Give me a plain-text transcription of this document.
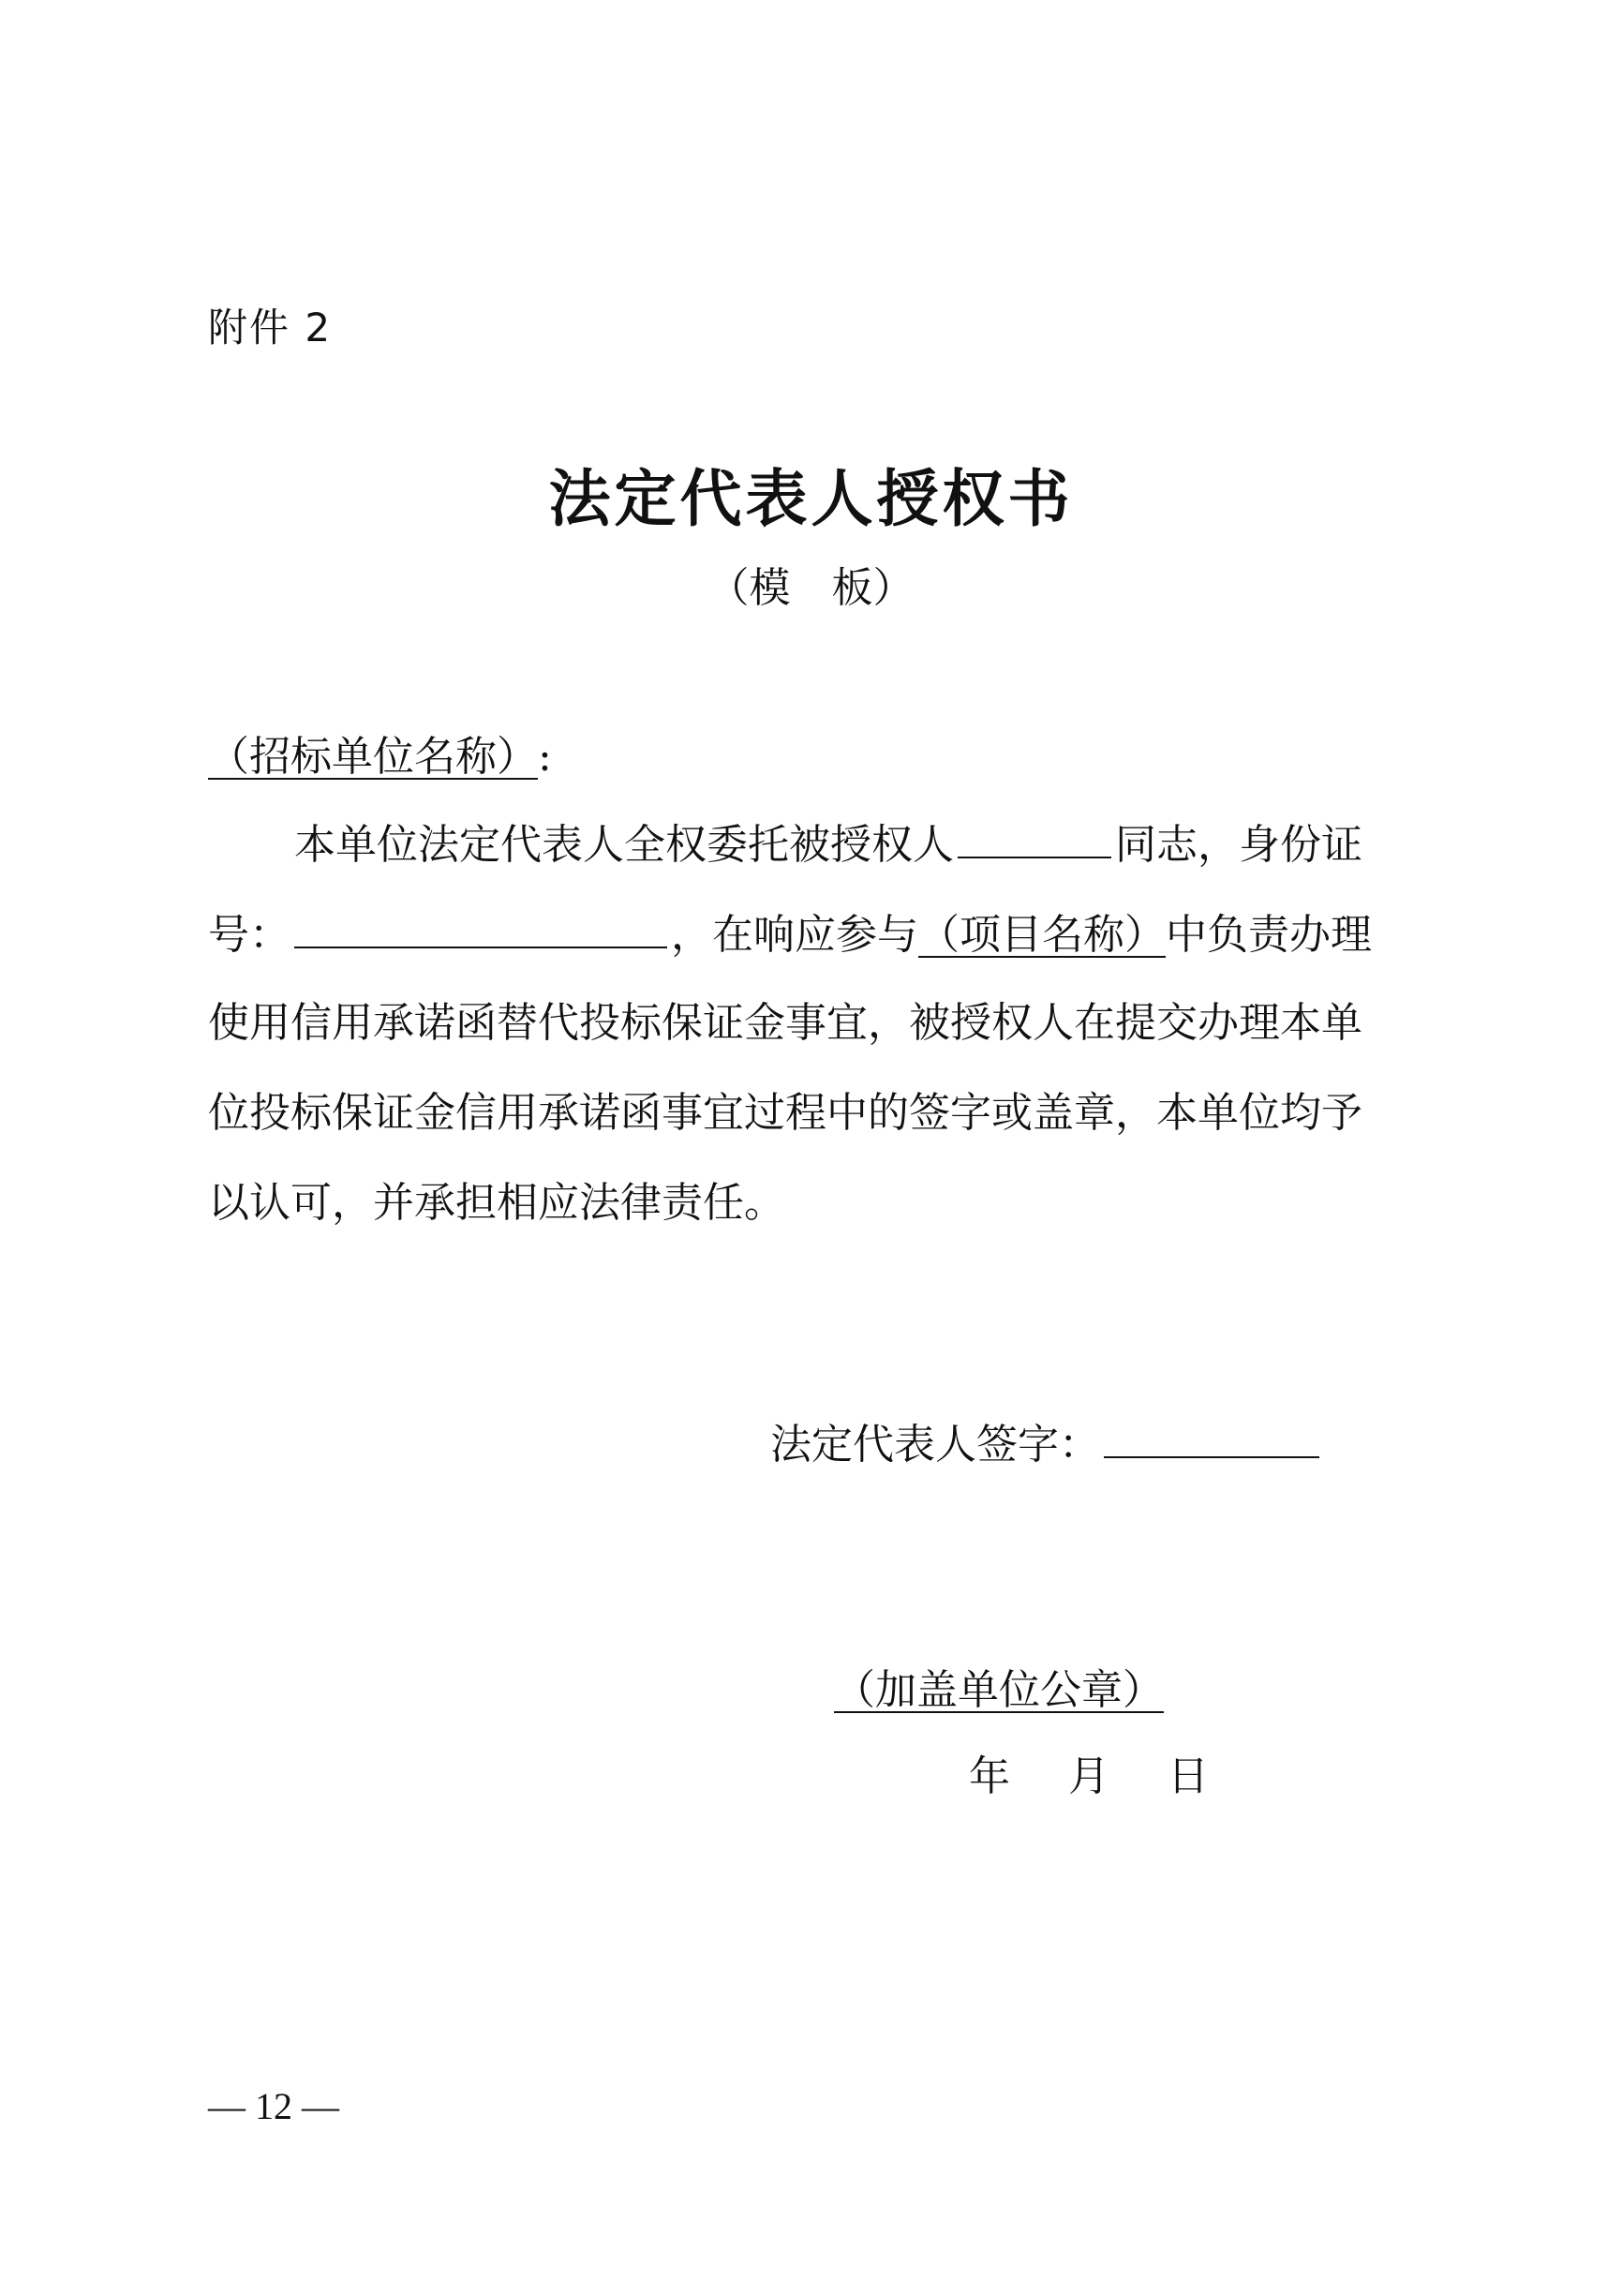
附件 2
法定代表人授权书
（模　板）
（招标单位名称）:
本单位法定代表人全权委托被授权人	同志，身份证
号：	，在响应参与（项目名称）中负责办理
使用信用承诺函替代投标保证金事宜，被授权人在提交办理本单
位投标保证金信用承诺函事宜过程中的签字或盖章，本单位均予
以认可，并承担相应法律责任。
法定代表人签字：
（加盖单位公章）
年 月 日
— 12 —
